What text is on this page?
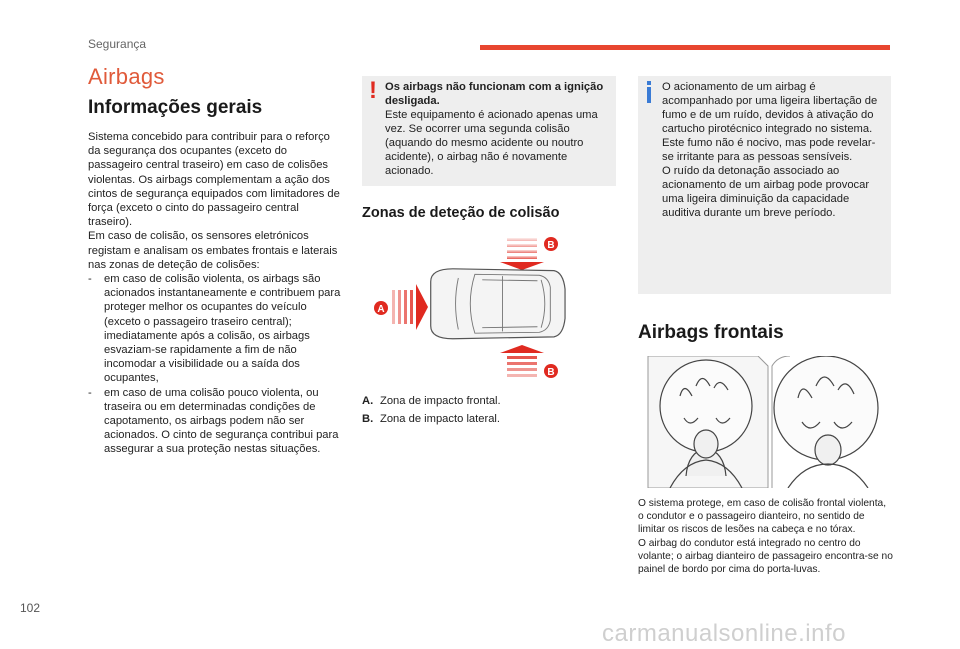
Segurança
Airbags
Informações gerais

Sistema concebido para contribuir para o reforço da segurança dos ocupantes (exceto do passageiro central traseiro) em caso de colisões violentas. Os airbags complementam a ação dos cintos de segurança equipados com limitadores de força (exceto o cinto do passageiro central traseiro).

Em caso de colisão, os sensores eletrónicos registam e analisam os embates frontais e laterais nas zonas de deteção de colisões:

- em caso de colisão violenta, os airbags são acionados instantaneamente e contribuem para proteger melhor os ocupantes do veículo (exceto o passageiro traseiro central); imediatamente após a colisão, os airbags esvaziam-se rapidamente a fim de não incomodar a visibilidade ou a saída dos ocupantes,
- em caso de uma colisão pouco violenta, ou traseira ou em determinadas condições de capotamento, os airbags podem não ser acionados. O cinto de segurança contribui para assegurar a sua proteção nestas situações.
! Os airbags não funcionam com a ignição desligada.
Este equipamento é acionado apenas uma vez. Se ocorrer uma segunda colisão (aquando do mesmo acidente ou noutro acidente), o airbag não é novamente acionado.
Zonas de deteção de colisão
B
B
A
A. Zona de impacto frontal.
B. Zona de impacto lateral.
O acionamento de um airbag é acompanhado por uma ligeira libertação de fumo e de um ruído, devidos à ativação do cartucho pirotécnico integrado no sistema.
Este fumo não é nocivo, mas pode revelar-se irritante para as pessoas sensíveis.
O ruído da detonação associado ao acionamento de um airbag pode provocar uma ligeira diminuição da capacidade auditiva durante um breve período.
Airbags frontais

O sistema protege, em caso de colisão frontal violenta, o condutor e o passageiro dianteiro, no sentido de limitar os riscos de lesões na cabeça e no tórax.

O airbag do condutor está integrado no centro do volante; o airbag dianteiro de passageiro encontra-se no painel de bordo por cima do porta-luvas.

102
carmanualsonline.info
